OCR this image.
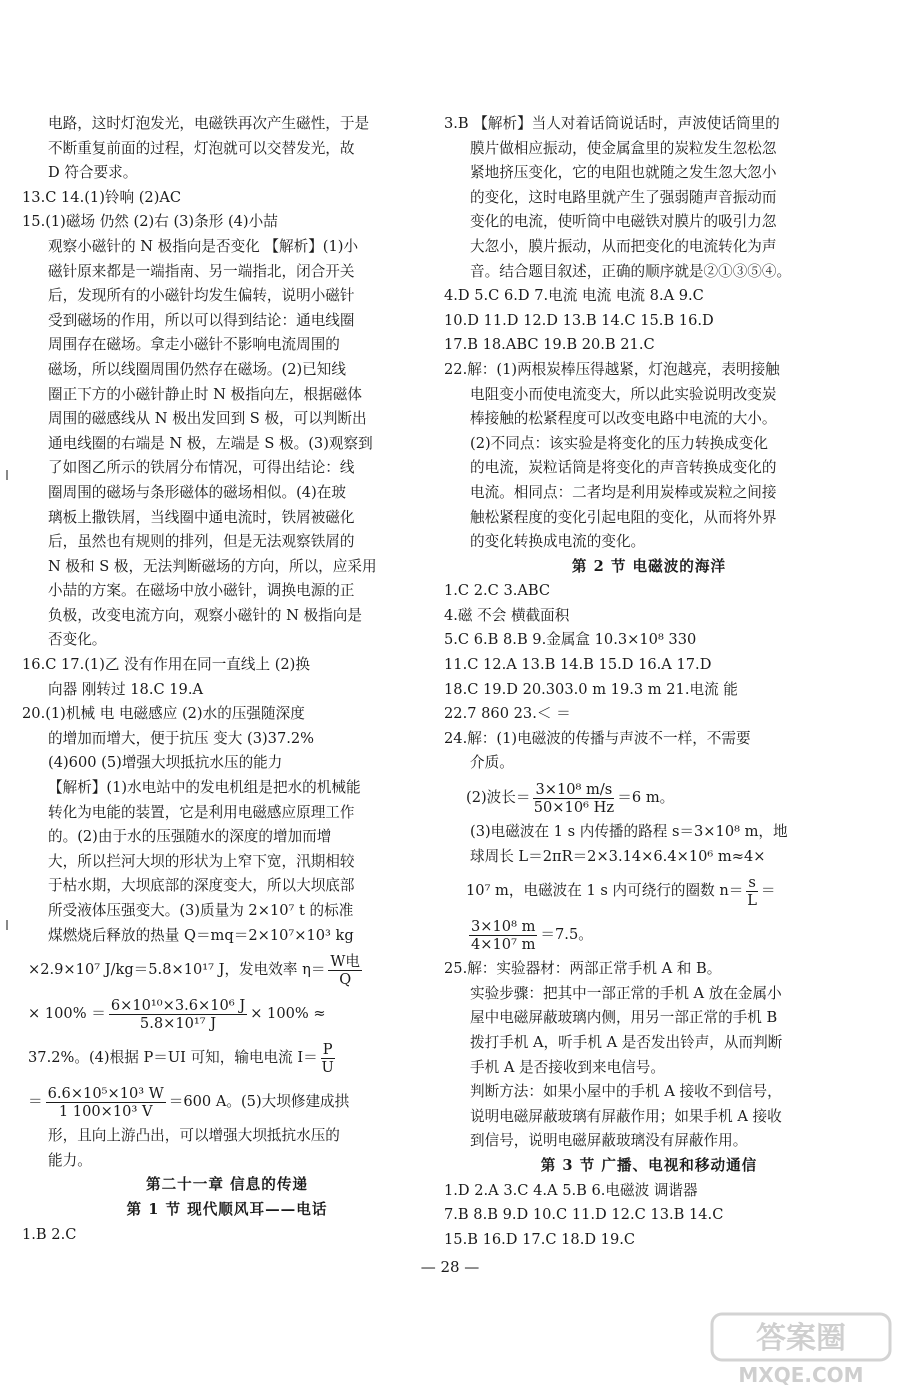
电路，这时灯泡发光，电磁铁再次产生磁性，于是
不断重复前面的过程，灯泡就可以交替发光，故
D 符合要求。
13.C 14.(1)铃响 (2)AC
15.(1)磁场 仍然 (2)右 (3)条形 (4)小喆
观察小磁针的 N 极指向是否变化 【解析】(1)小
磁针原来都是一端指南、另一端指北，闭合开关
后，发现所有的小磁针均发生偏转，说明小磁针
受到磁场的作用，所以可以得到结论：通电线圈
周围存在磁场。拿走小磁针不影响电流周围的
磁场，所以线圈周围仍然存在磁场。(2)已知线
圈正下方的小磁针静止时 N 极指向左，根据磁体
周围的磁感线从 N 极出发回到 S 极，可以判断出
通电线圈的右端是 N 极，左端是 S 极。(3)观察到
了如图乙所示的铁屑分布情况，可得出结论：线
圈周围的磁场与条形磁体的磁场相似。(4)在玻
璃板上撒铁屑，当线圈中通电流时，铁屑被磁化
后，虽然也有规则的排列，但是无法观察铁屑的
N 极和 S 极，无法判断磁场的方向，所以，应采用
小喆的方案。在磁场中放小磁针，调换电源的正
负极，改变电流方向，观察小磁针的 N 极指向是
否变化。
16.C 17.(1)乙 没有作用在同一直线上 (2)换
向器 刚转过 18.C 19.A
20.(1)机械 电 电磁感应 (2)水的压强随深度
的增加而增大，便于抗压 变大 (3)37.2%
(4)600 (5)增强大坝抵抗水压的能力
【解析】(1)水电站中的发电机组是把水的机械能
转化为电能的装置，它是利用电磁感应原理工作
的。(2)由于水的压强随水的深度的增加而增
大，所以拦河大坝的形状为上窄下宽，汛期相较
于枯水期，大坝底部的深度变大，所以大坝底部
所受液体压强变大。(3)质量为 2×10⁷ t 的标准
煤燃烧后释放的热量 Q＝mq＝2×10⁷×10³ kg
×2.9×10⁷ J/kg＝5.8×10¹⁷ J，发电效率 η＝ W电
Q
× $100\% = \frac{\text{6×10¹⁰×3.6×10⁶ J}}{\text{5.8×10¹⁷ J}} \times 100\%$ ≈
37.2%。(4)根据 P＝UI 可知，输电电流 $I= \frac{P}{U}$
＝ $\frac{\text{6.6×10⁵×10³ W}}{\text{1 100×10³ V}} =600$ A。(5)大坝修建成拱
形，且向上游凸出，可以增强大坝抵抗水压的
能力。
第二十一章 信息的传递
第 1 节 现代顺风耳——电话
1.B 2.C
3.B 【解析】当人对着话筒说话时，声波使话筒里的
膜片做相应振动，使金属盒里的炭粒发生忽松忽
紧地挤压变化，它的电阻也就随之发生忽大忽小
的变化，这时电路里就产生了强弱随声音振动而
变化的电流，使听筒中电磁铁对膜片的吸引力忽
大忽小，膜片振动，从而把变化的电流转化为声
音。结合题目叙述，正确的顺序就是②①③⑤④。
4.D 5.C 6.D 7.电流 电流 电流 8.A 9.C
10.D 11.D 12.D 13.B 14.C 15.B 16.D
17.B 18.ABC 19.B 20.B 21.C
22.解：(1)两根炭棒压得越紧，灯泡越亮，表明接触
电阻变小而使电流变大，所以此实验说明改变炭
棒接触的松紧程度可以改变电路中电流的大小。
(2)不同点：该实验是将变化的压力转换成变化
的电流，炭粒话筒是将变化的声音转换成变化的
电流。相同点：二者均是利用炭棒或炭粒之间接
触松紧程度的变化引起电阻的变化，从而将外界
的变化转换成电流的变化。
第 2 节 电磁波的海洋
1.C 2.C 3.ABC
4.磁 不会 横截面积
5.C 6.B 8.B 9.金属盒 10.3×10⁸ 330
11.C 12.A 13.B 14.B 15.D 16.A 17.D
18.C 19.D 20.303.0 m 19.3 m 21.电流 能
22.7 860 23.＜ ＝
24.解：(1)电磁波的传播与声波不一样，不需要
介质。
(2)波长＝ $\frac{\text{3×10⁸ m/s}}{\text{50×10⁶ Hz}} =6$ m。
(3)电磁波在 1 s 内传播的路程 s＝3×10⁸ m，地
球周长 L＝2πR＝2×3.14×6.4×10⁶ m≈4×
10⁷ m，电磁波在 1 s 内可绕行的圈数 $n= \frac{s}{L}$ ＝
$\frac{\text{3×10⁸ m}}{\text{4×10⁷ m}} =7.5$。
25.解：实验器材：两部正常手机 A 和 B。
实验步骤：把其中一部正常的手机 A 放在金属小
屋中电磁屏蔽玻璃内侧，用另一部正常的手机 B
拨打手机 A，听手机 A 是否发出铃声，从而判断
手机 A 是否接收到来电信号。
判断方法：如果小屋中的手机 A 接收不到信号，
说明电磁屏蔽玻璃有屏蔽作用；如果手机 A 接收
到信号，说明电磁屏蔽玻璃没有屏蔽作用。
第 3 节 广播、电视和移动通信
1.D 2.A 3.C 4.A 5.B 6.电磁波 调谐器
7.B 8.B 9.D 10.C 11.D 12.C 13.B 14.C
15.B 16.D 17.C 18.D 19.C
— 28 —
答案圈
MXQE.COM
